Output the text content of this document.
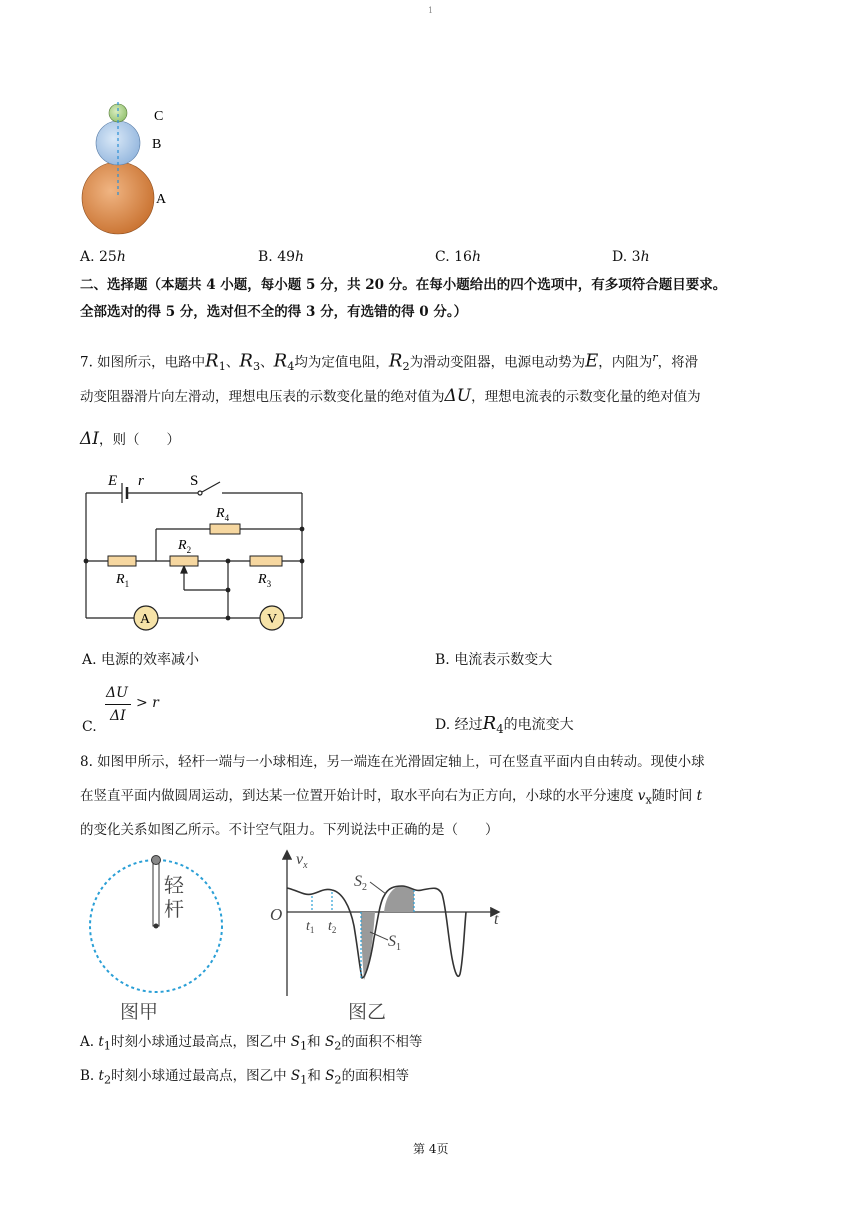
1
C
B
A
A. 25h	B. 49h	C. 16h	D. 3h
二、选择题（本题共 4 小题，每小题 5 分，共 20 分。在每小题给出的四个选项中，有多项符合题目要求。
全部选对的得 5 分，选对但不全的得 3 分，有选错的得 0 分。）
7. 如图所示，电路中$R_1$、$R_3$、$R_4$均为定值电阻，$R_2$为滑动变阻器，电源电动势为E，内阻为$^r$，将滑
动变阻器滑片向左滑动，理想电压表的示数变化量的绝对值为ΔU，理想电流表的示数变化量的绝对值为
ΔI，则（　　）
A	V
E r	S
$R_4$
$R_2$
$R_1$	$R_3$
A. 电源的效率减小	B. 电流表示数变大
C.
ΔU
ΔI
> r
D. 经过$R_4$的电流变大
8. 如图甲所示，轻杆一端与一小球相连，另一端连在光滑固定轴上，可在竖直平面内自由转动。现使小球
在竖直平面内做圆周运动，到达某一位置开始计时，取水平向右为正方向，小球的水平分速度 $v_x$随时间 t
的变化关系如图乙所示。不计空气阻力。下列说法中正确的是（　　）
轻 杆
图甲
O	t
$v_x$
$t_1$ $t_2$
$S_2$
$S_1$
图乙
A. $t_1$时刻小球通过最高点，图乙中 $S_1$和 $S_2$的面积不相等
B. $t_2$时刻小球通过最高点，图乙中 $S_1$和 $S_2$的面积相等
第 4页
